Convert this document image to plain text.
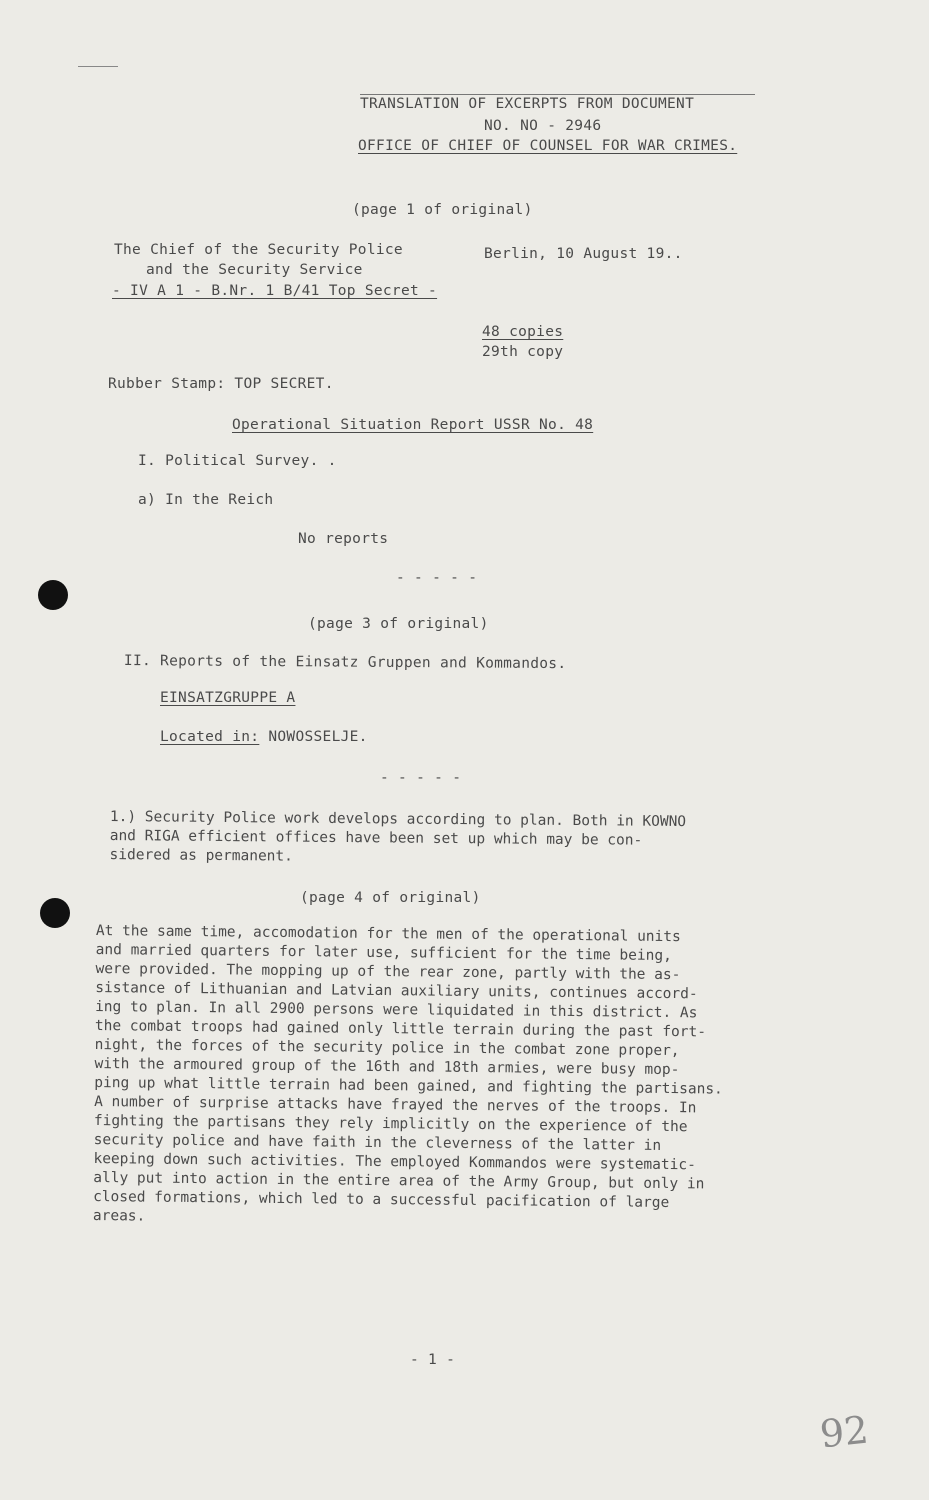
TRANSLATION OF EXCERPTS FROM DOCUMENT
NO. NO - 2946
OFFICE OF CHIEF OF COUNSEL FOR WAR CRIMES.
(page 1 of original)
The Chief of the Security Police
and the Security Service
- IV A 1 - B.Nr. 1 B/41 Top Secret -
Berlin, 10 August 19..
48 copies
29th copy
Rubber Stamp: TOP SECRET.
Operational Situation Report USSR No. 48
I. Political Survey. .
a) In the Reich
No reports
- - - - -
(page 3 of original)
II. Reports of the Einsatz Gruppen and Kommandos.
EINSATZGRUPPE A
Located in: NOWOSSELJE.
- - - - -
1.) Security Police work develops according to plan. Both in KOWNO
and RIGA efficient offices have been set up which may be con-
sidered as permanent.
(page 4 of original)
At the same time, accomodation for the men of the operational units
and married quarters for later use, sufficient for the time being,
were provided. The mopping up of the rear zone, partly with the as-
sistance of Lithuanian and Latvian auxiliary units, continues accord-
ing to plan. In all 2900 persons were liquidated in this district. As
the combat troops had gained only little terrain during the past fort-
night, the forces of the security police in the combat zone proper,
with the armoured group of the 16th and 18th armies, were busy mop-
ping up what little terrain had been gained, and fighting the partisans.
A number of surprise attacks have frayed the nerves of the troops. In
fighting the partisans they rely implicitly on the experience of the
security police and have faith in the cleverness of the latter in
keeping down such activities. The employed Kommandos were systematic-
ally put into action in the entire area of the Army Group, but only in
closed formations, which led to a successful pacification of large
areas.
- 1 -
92
